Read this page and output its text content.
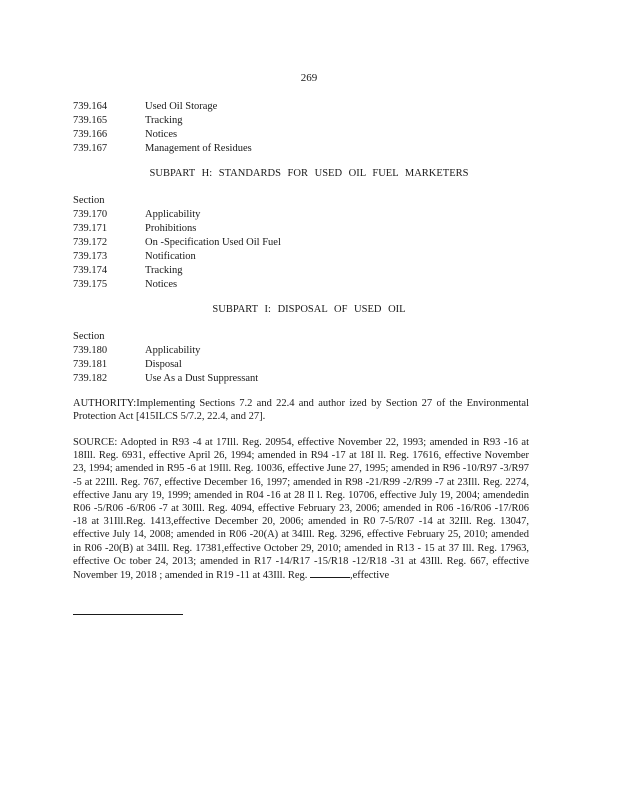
269
739.164	Used Oil Storage
739.165	Tracking
739.166	Notices
739.167	Management of Residues
SUBPART H: STANDARDS FOR USED OIL FUEL MARKETERS
Section
739.170	Applicability
739.171	Prohibitions
739.172	On -Specification Used Oil Fuel
739.173	Notification
739.174	Tracking
739.175	Notices
SUBPART I: DISPOSAL OF USED OIL
Section
739.180	Applicability
739.181	Disposal
739.182	Use As a Dust Suppressant
AUTHORITY:Implementing Sections 7.2 and 22.4 and author ized by Section 27 of the Environmental Protection Act [415ILCS 5/7.2, 22.4, and 27].
SOURCE: Adopted in R93 -4 at 17Ill. Reg. 20954, effective November 22, 1993; amended in R93 -16 at 18Ill. Reg. 6931, effective April 26, 1994; amended in R94 -17 at 18I ll. Reg. 17616, effective November 23, 1994; amended in R95 -6 at 19Ill. Reg. 10036, effective June 27, 1995; amended in R96 -10/R97 -3/R97 -5 at 22Ill. Reg. 767, effective December 16, 1997; amended in R98 -21/R99 -2/R99 -7 at 23Ill. Reg. 2274, effective Janu ary 19, 1999; amended in R04 -16 at 28 Il l. Reg. 10706, effective July 19, 2004; amendedin R06 -5/R06 -6/R06 -7 at 30Ill. Reg. 4094, effective February 23, 2006; amended in R06 -16/R06 -17/R06 -18 at 31Ill.Reg. 1413,effective December 20, 2006; amended in R0 7-5/R07 -14 at 32Ill. Reg. 13047, effective July 14, 2008; amended in R06 -20(A) at 34Ill. Reg. 3296, effective February 25, 2010; amended in R06 -20(B) at 34Ill. Reg. 17381,effective October 29, 2010; amended in R13 - 15 at 37 Ill. Reg. 17963, effective Oc tober 24, 2013; amended in R17 -14/R17 -15/R18 -12/R18 -31 at 43Ill. Reg. 667, effective November 19, 2018 ; amended in R19 -11 at 43Ill. Reg.	,effective
